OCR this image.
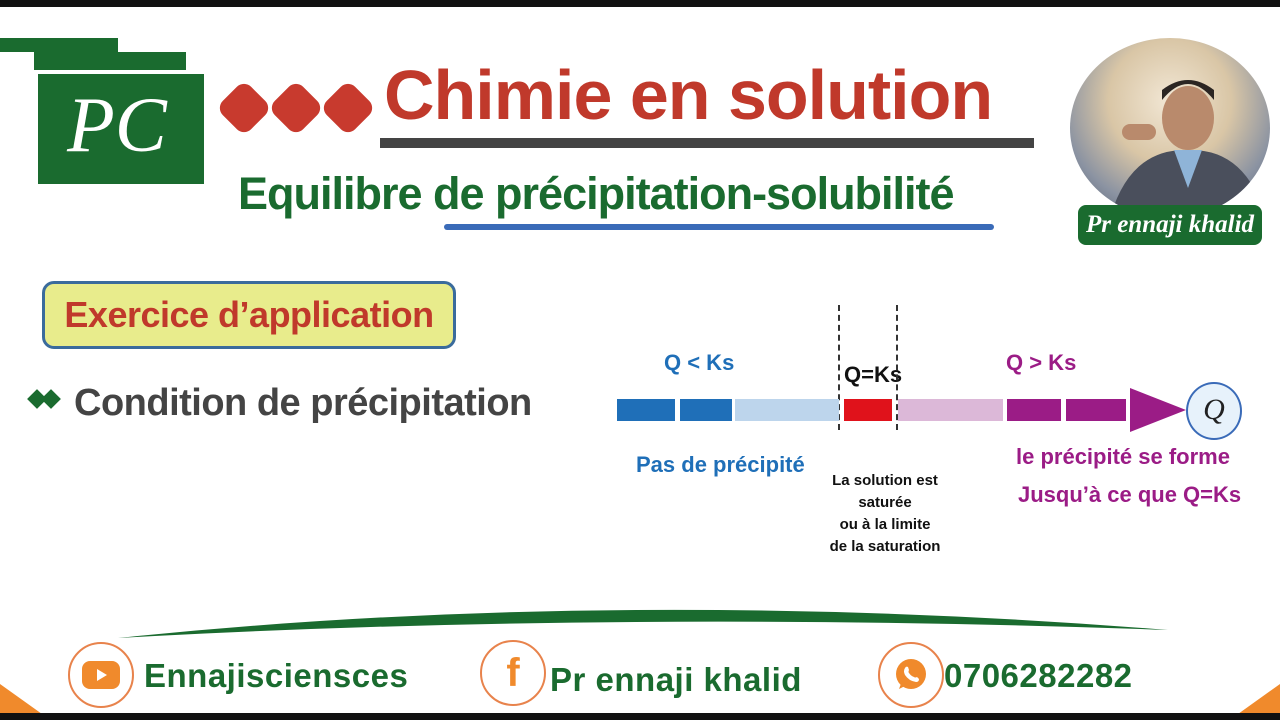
PC	Chimie en solution
Equilibre de précipitation-solubilité
Pr ennaji khalid
Exercice d’application
Condition de précipitation
Q < Ks	Q=Ks	Q > Ks
Q
Pas de précipité
La solution est
saturée
ou à la limite
de la saturation
le précipité se forme
Jusqu’à ce que Q=Ks
Ennajisciensces f Pr ennaji khalid	0706282282
